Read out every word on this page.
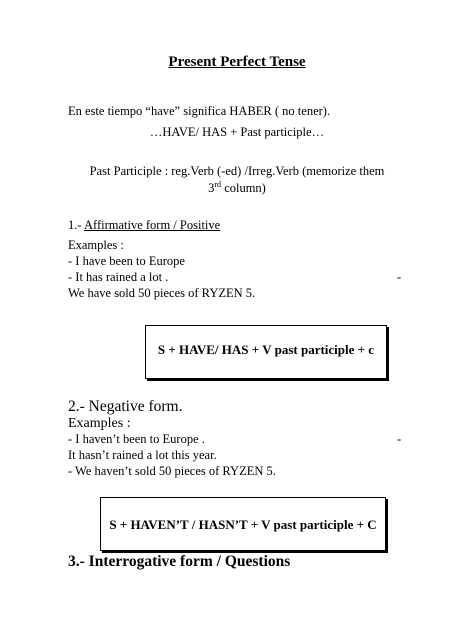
Present Perfect Tense
En este tiempo “have” significa HABER ( no tener).
…HAVE/ HAS + Past participle…
Past Participle : reg.Verb (-ed) /Irreg.Verb (memorize them
3rd column)
1.- Affirmative form / Positive
Examples :
- I have been to Europe
- It has rained a lot .	-
We have sold 50 pieces of RYZEN 5.
S + HAVE/ HAS + V past participle + c
2.- Negative form.
Examples :
- I haven’t been to Europe .	-
It hasn’t rained a lot this year.
- We haven’t sold 50 pieces of RYZEN 5.
S + HAVEN’T / HASN’T + V past participle + C
3.- Interrogative form / Questions
